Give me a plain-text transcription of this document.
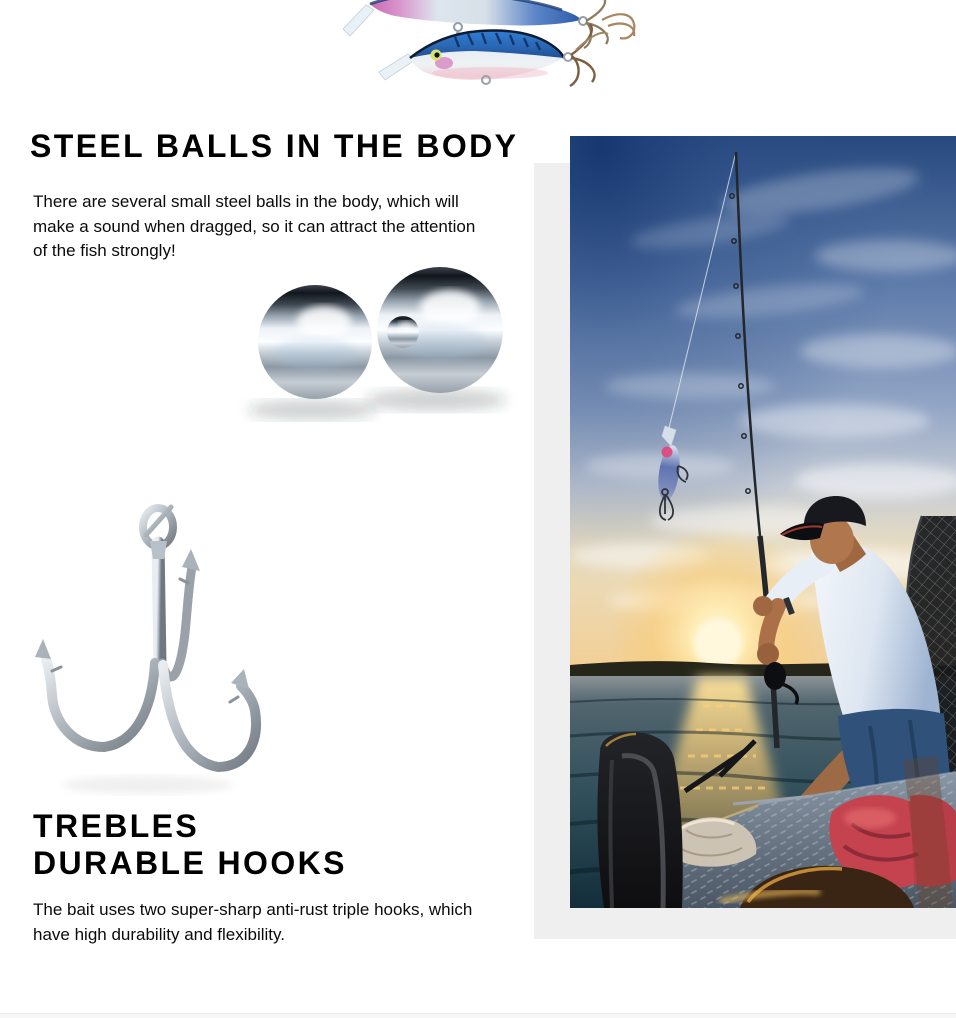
STEEL BALLS IN THE BODY

There are several small steel balls in the body, which will make a sound when dragged, so it can attract the attention of the fish strongly!

TREBLES
DURABLE HOOKS

The bait uses two super-sharp anti-rust triple hooks, which have high durability and flexibility.
